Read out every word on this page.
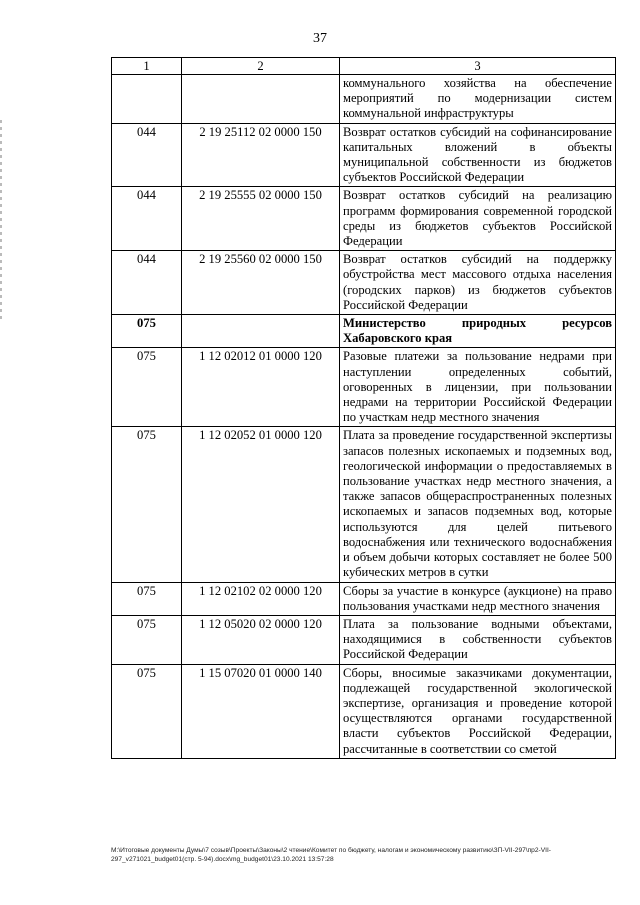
37
1	2	3
		коммунального хозяйства на обеспечение мероприятий по модернизации систем коммунальной инфраструктуры
044	2 19 25112 02 0000 150	Возврат остатков субсидий на софинансирование капитальных вложений в объекты муниципальной собственности из бюджетов субъектов Российской Федерации
044	2 19 25555 02 0000 150	Возврат остатков субсидий на реализацию программ формирования современной городской среды из бюджетов субъектов Российской Федерации
044	2 19 25560 02 0000 150	Возврат остатков субсидий на поддержку обустройства мест массового отдыха населения (городских парков) из бюджетов субъектов Российской Федерации
075		Министерство природных ресурсов Хабаровского края
075	1 12 02012 01 0000 120	Разовые платежи за пользование недрами при наступлении определенных событий, оговоренных в лицензии, при пользовании недрами на территории Российской Федерации по участкам недр местного значения
075	1 12 02052 01 0000 120	Плата за проведение государственной экспертизы запасов полезных ископаемых и подземных вод, геологической информации о предоставляемых в пользование участках недр местного значения, а также запасов общераспространенных полезных ископаемых и запасов подземных вод, которые используются для целей питьевого водоснабжения или технического водоснабжения и объем добычи которых составляет не более 500 кубических метров в сутки
075	1 12 02102 02 0000 120	Сборы за участие в конкурсе (аукционе) на право пользования участками недр местного значения
075	1 12 05020 02 0000 120	Плата за пользование водными объектами, находящимися в собственности субъектов Российской Федерации
075	1 15 07020 01 0000 140	Сборы, вносимые заказчиками документации, подлежащей государственной экологической экспертизе, организация и проведение которой осуществляются органами государственной власти субъектов Российской Федерации, рассчитанные в соответствии со сметой
M:\Итоговые документы Думы\7 созыв\Проекты\Законы\2 чтение\Комитет по бюджету, налогам и экономическому развитию\ЗП-VII-297\пр2-VII-
297_v271021_budget01(стр. 5-94).docx\mg_budget01\23.10.2021 13:57:28
